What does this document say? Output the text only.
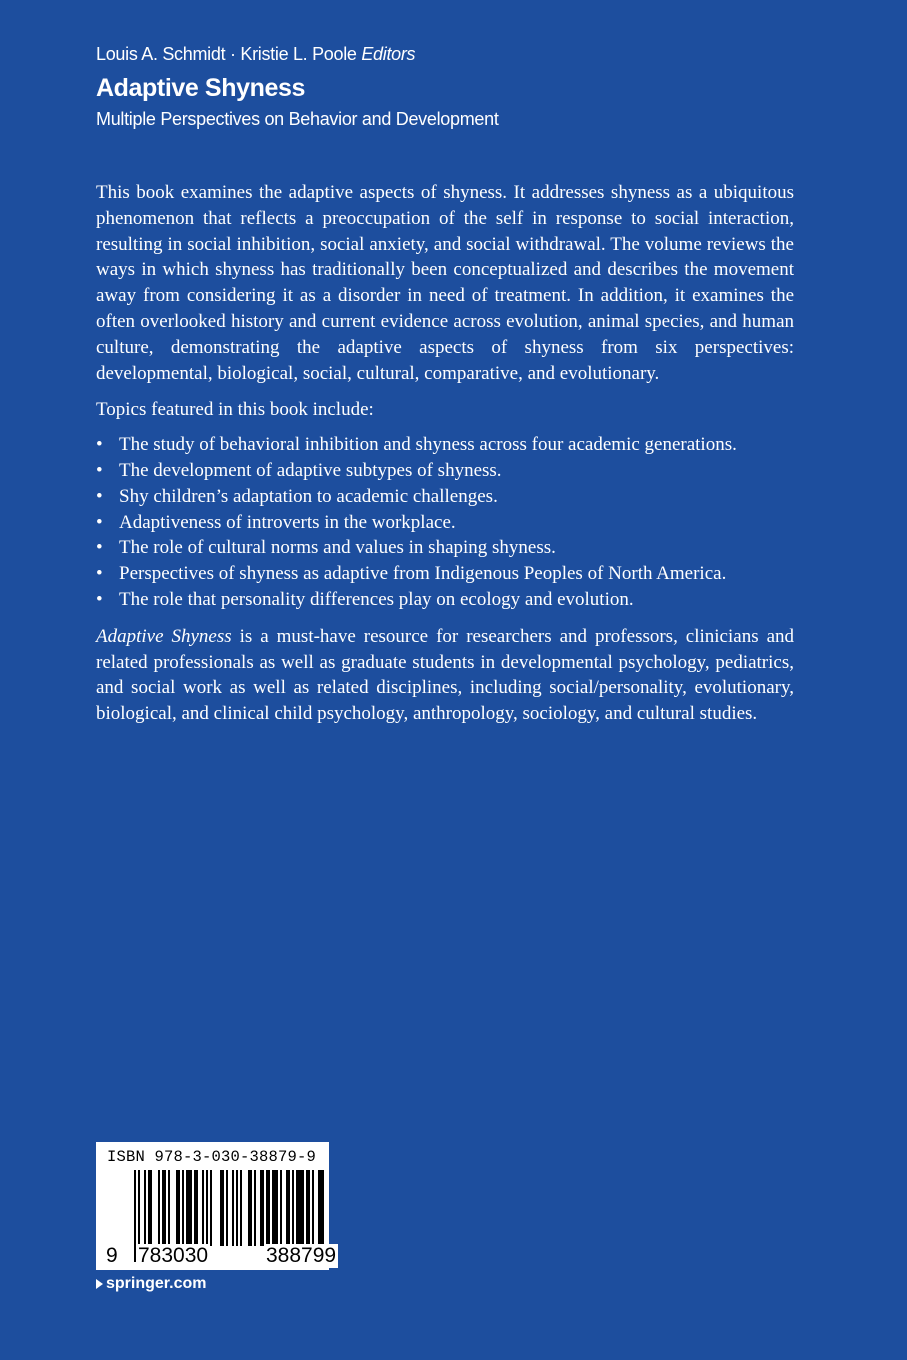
Louis A. Schmidt · Kristie L. Poole Editors
Adaptive Shyness
Multiple Perspectives on Behavior and Development

This book examines the adaptive aspects of shyness. It addresses shyness as a ubiquitous phenomenon that reflects a preoccupation of the self in response to social interaction, resulting in social inhibition, social anxiety, and social withdrawal. The volume reviews the ways in which shyness has traditionally been conceptualized and describes the movement away from considering it as a disorder in need of treatment. In addition, it examines the often overlooked history and current evidence across evolution, animal species, and human culture, demonstrating the adaptive aspects of shyness from six perspectives: developmental, biological, social, cultural, comparative, and evolutionary.

Topics featured in this book include:

• The study of behavioral inhibition and shyness across four academic generations.
• The development of adaptive subtypes of shyness.
• Shy children’s adaptation to academic challenges.
• Adaptiveness of introverts in the workplace.
• The role of cultural norms and values in shaping shyness.
• Perspectives of shyness as adaptive from Indigenous Peoples of North America.
• The role that personality differences play on ecology and evolution.

Adaptive Shyness is a must-have resource for researchers and professors, clinicians and related professionals as well as graduate students in developmental psychology, pediatrics, and social work as well as related disciplines, including social/personality, evolutionary, biological, and clinical child psychology, anthropology, sociology, and cultural studies.

ISBN 978-3-030-38879-9
9 783030	388799
springer.com
